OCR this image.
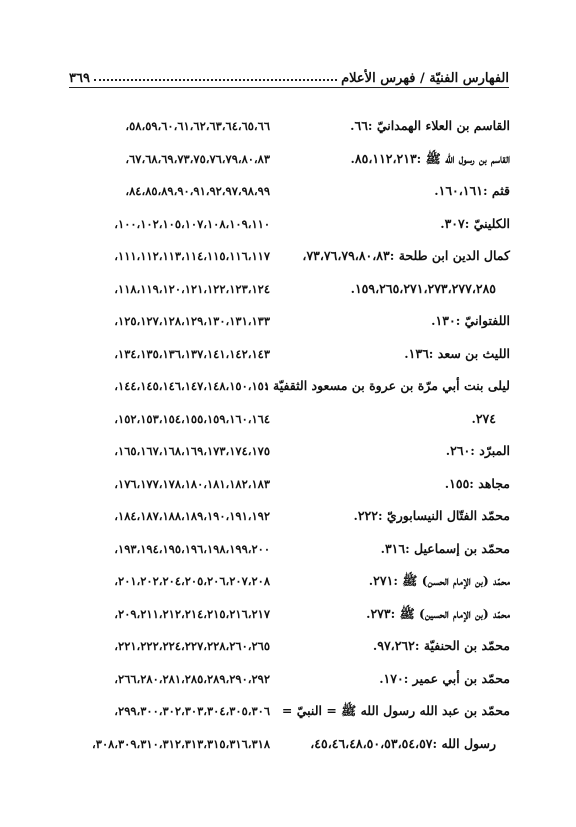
الفهارس الفنيّة / فهرس الأعلام
٣٦٩
القاسم بن العلاء الهمدانيّ :٦٦.
القاسم بن رسول الله ﷺ :٨٥،١١٢،٢١٣.
قثم :١٦٠،١٦١.
الكلينيّ :٣٠٧.
كمال الدين ابن طلحة :٧٣،٧٦،٧٩،٨٠،٨٣،
١٥٩،٢٦٥،٢٧١،٢٧٣،٢٧٧،٢٨٥.
اللفتوانيّ :١٣٠.
الليث بن سعد :١٣٦.
ليلى بنت أبي مرّة بن عروة بن مسعود الثقفيّة :
٢٧٤.
المبرّد :٢٦٠.
مجاهد :١٥٥.
محمّد الفتّال النيسابوريّ :٢٢٢.
محمّد بن إسماعيل :٣١٦.
محمّد (بن الإمام الحسن) ﷺ :٢٧١.
محمّد (بن الإمام الحسين) ﷺ :٢٧٣.
محمّد بن الحنفيّة :٩٧،٢٦٢.
محمّد بن أبي عمير :١٧٠.
محمّد بن عبد الله رسول الله ﷺ = النبيّ =
رسول الله :٤٥،٤٦،٤٨،٥٠،٥٣،٥٤،٥٧،
٥٨،٥٩،٦٠،٦١،٦٢،٦٣،٦٤،٦٥،٦٦،
٦٧،٦٨،٦٩،٧٣،٧٥،٧٦،٧٩،٨٠،٨٣،
٨٤،٨٥،٨٩،٩٠،٩١،٩٢،٩٧،٩٨،٩٩،
١٠٠،١٠٢،١٠٥،١٠٧،١٠٨،١٠٩،١١٠،
١١١،١١٢،١١٣،١١٤،١١٥،١١٦،١١٧،
١١٨،١١٩،١٢٠،١٢١،١٢٢،١٢٣،١٢٤،
١٢٥،١٢٧،١٢٨،١٢٩،١٣٠،١٣١،١٣٣،
١٣٤،١٣٥،١٣٦،١٣٧،١٤١،١٤٢،١٤٣،
١٤٤،١٤٥،١٤٦،١٤٧،١٤٨،١٥٠،١٥١،
١٥٢،١٥٣،١٥٤،١٥٥،١٥٩،١٦٠،١٦٤،
١٦٥،١٦٧،١٦٨،١٦٩،١٧٣،١٧٤،١٧٥،
١٧٦،١٧٧،١٧٨،١٨٠،١٨١،١٨٢،١٨٣،
١٨٤،١٨٧،١٨٨،١٨٩،١٩٠،١٩١،١٩٢،
١٩٣،١٩٤،١٩٥،١٩٦،١٩٨،١٩٩،٢٠٠،
٢٠١،٢٠٢،٢٠٤،٢٠٥،٢٠٦،٢٠٧،٢٠٨،
٢٠٩،٢١١،٢١٢،٢١٤،٢١٥،٢١٦،٢١٧،
٢٢١،٢٢٢،٢٢٤،٢٢٧،٢٢٨،٢٦٠،٢٦٥،
٢٦٦،٢٨٠،٢٨١،٢٨٥،٢٨٩،٢٩٠،٢٩٢،
٢٩٩،٣٠٠،٣٠٢،٣٠٣،٣٠٤،٣٠٥،٣٠٦،
٣٠٨،٣٠٩،٣١٠،٣١٢،٣١٣،٣١٥،٣١٦،٣١٨،
